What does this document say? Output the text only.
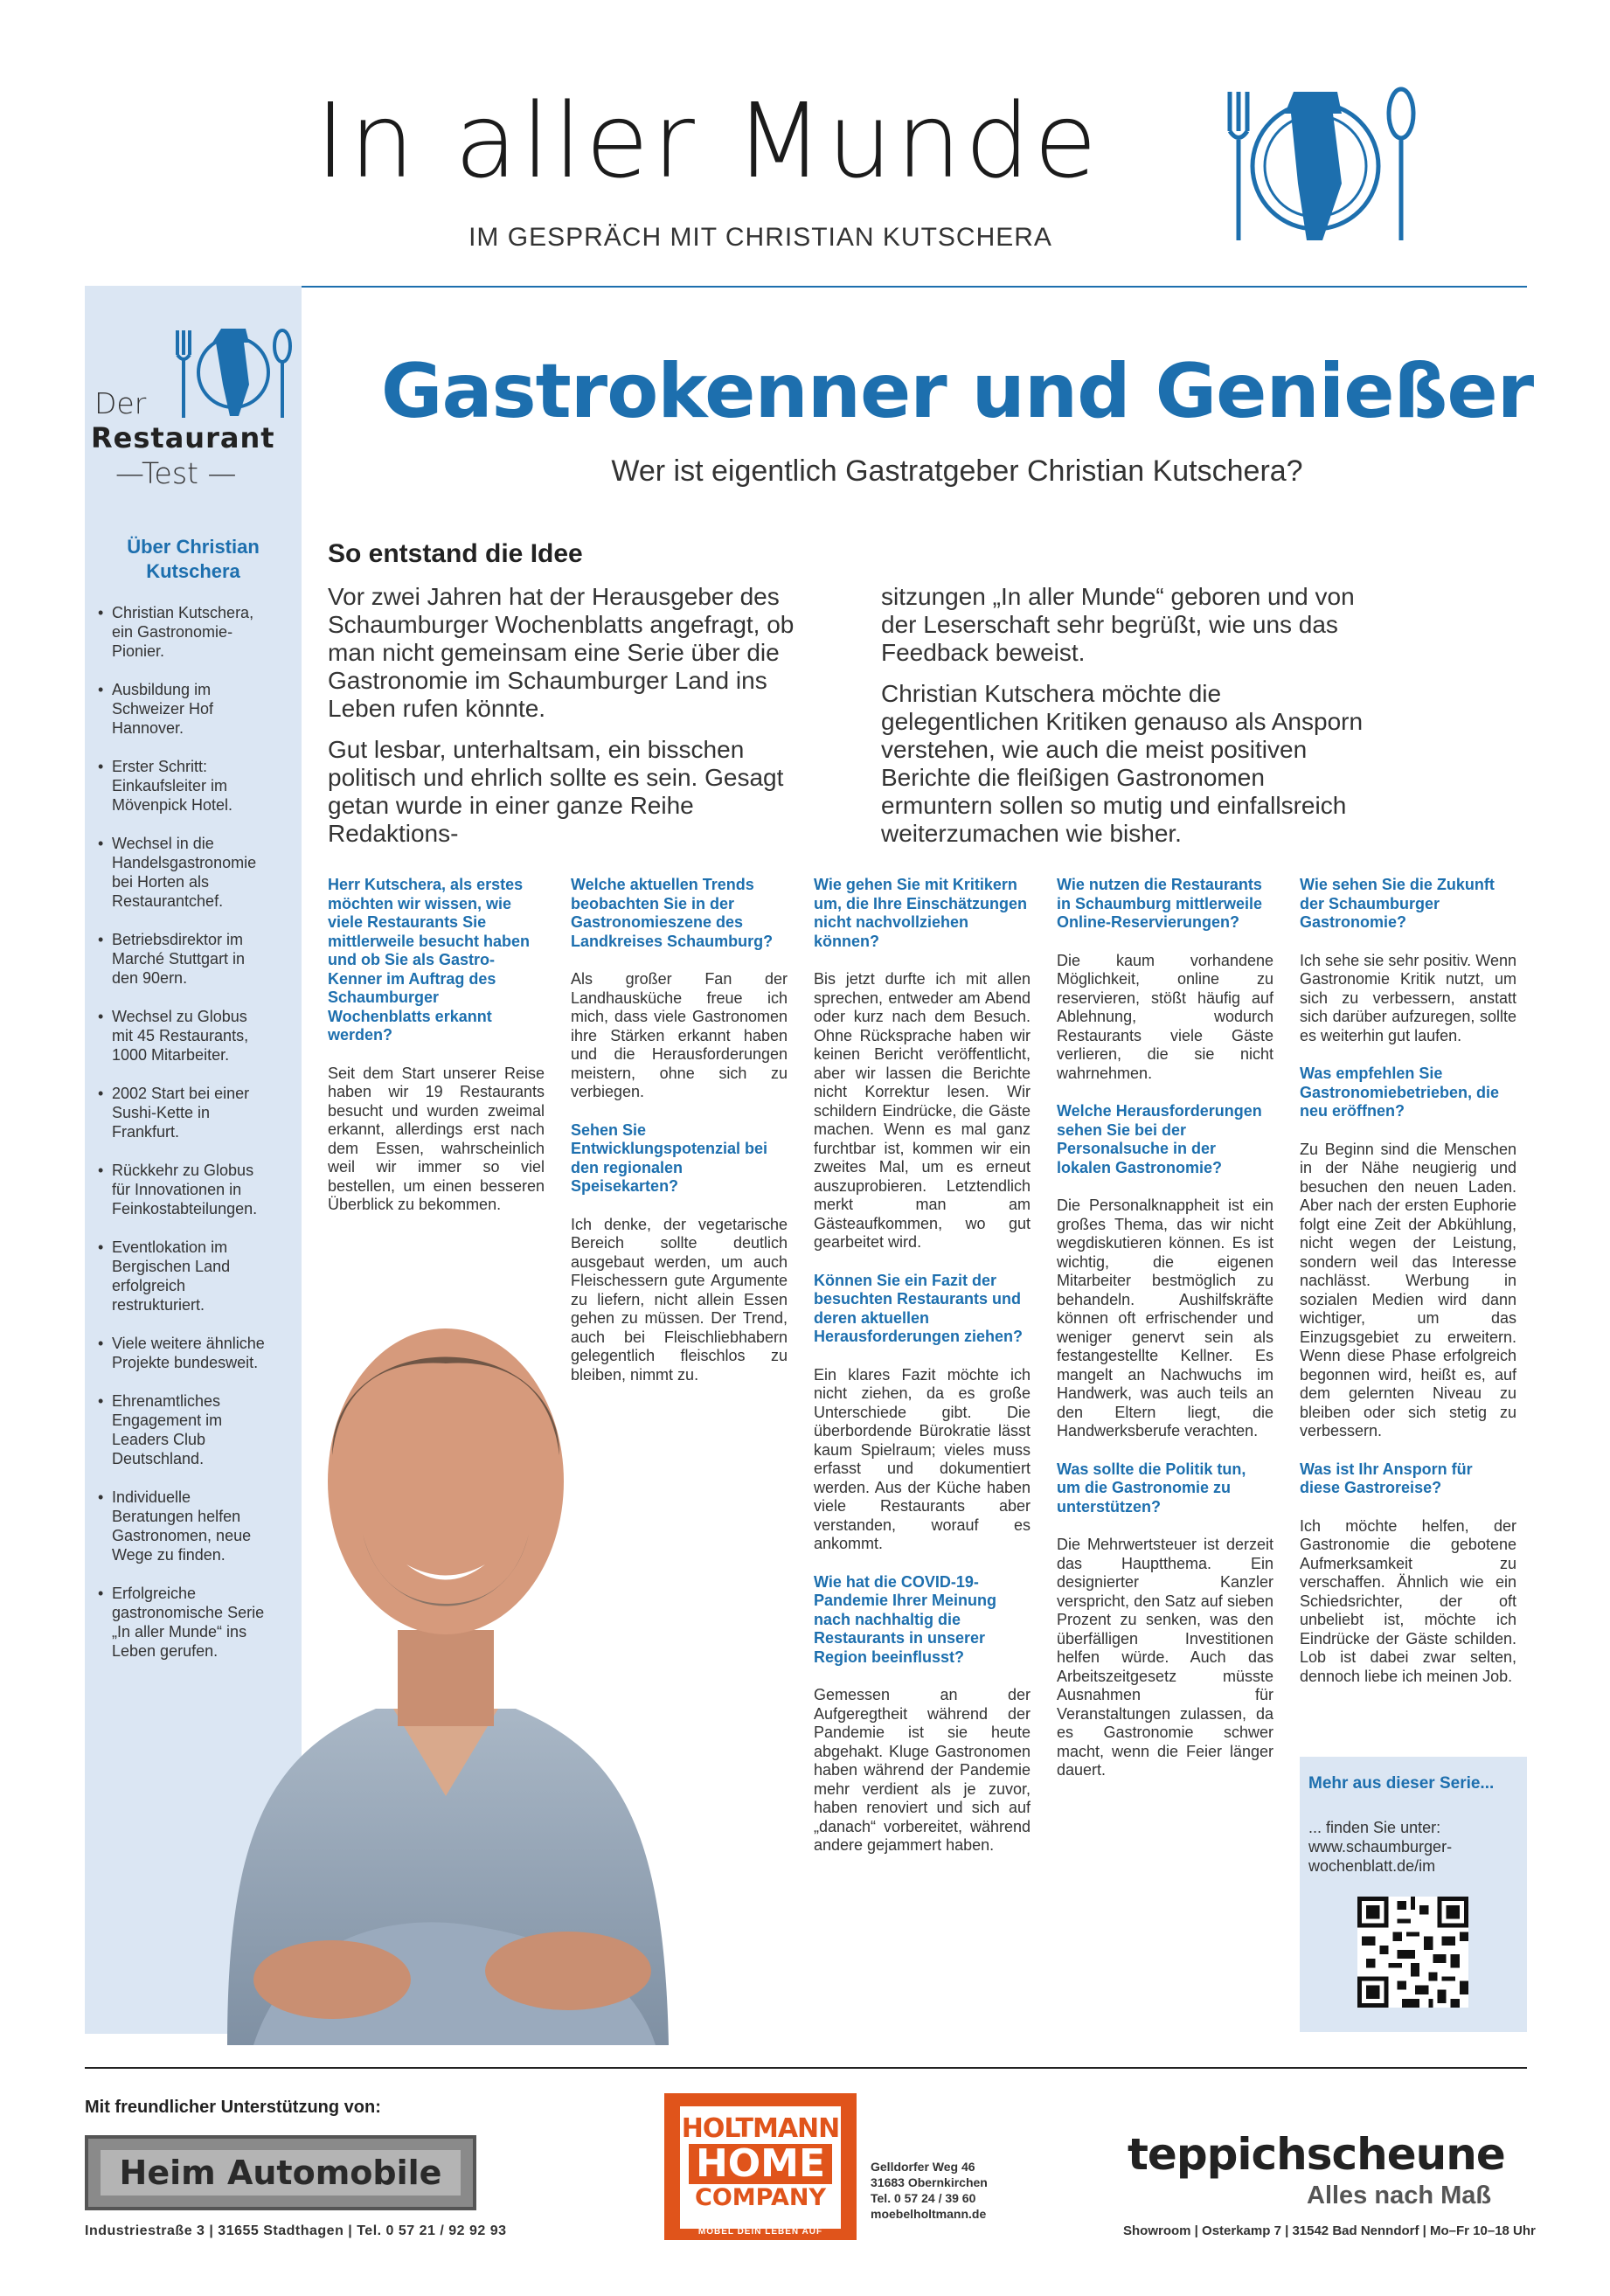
In aller Munde
IM GESPRÄCH MIT CHRISTIAN KUTSCHERA
Der
Restaurant
—Test —
Über Christian Kutschera
• Christian Kutschera, ein Gastronomie-Pionier.
• Ausbildung im Schweizer Hof Hannover.
• Erster Schritt: Einkaufsleiter im Mövenpick Hotel.
• Wechsel in die Handelsgastronomie bei Horten als Restaurantchef.
• Betriebsdirektor im Marché Stuttgart in den 90ern.
• Wechsel zu Globus mit 45 Restaurants, 1000 Mitarbeiter.
• 2002 Start bei einer Sushi-Kette in Frankfurt.
• Rückkehr zu Globus für Innovationen in Feinkostabteilungen.
• Eventlokation im Bergischen Land erfolgreich restrukturiert.
• Viele weitere ähnliche Projekte bundesweit.
• Ehrenamtliches Engagement im Leaders Club Deutschland.
• Individuelle Beratungen helfen Gastronomen, neue Wege zu finden.
• Erfolgreiche gastronomische Serie „In aller Munde“ ins Leben gerufen.
Gastrokenner und Genießer
Wer ist eigentlich Gastratgeber Christian Kutschera?
So entstand die Idee

Vor zwei Jahren hat der Herausgeber des Schaumburger Wochenblatts angefragt, ob man nicht gemeinsam eine Serie über die Gastronomie im Schaumburger Land ins Leben rufen könnte.

Gut lesbar, unterhaltsam, ein bisschen politisch und ehrlich sollte es sein. Gesagt getan wurde in einer ganze Reihe Redaktions-

sitzungen „In aller Munde“ geboren und von der Leserschaft sehr begrüßt, wie uns das Feedback beweist.

Christian Kutschera möchte die gelegentlichen Kritiken genauso als Ansporn verstehen, wie auch die meist positiven Berichte die fleißigen Gastronomen ermuntern sollen so mutig und einfallsreich weiterzumachen wie bisher.

Herr Kutschera, als erstes möchten wir wissen, wie viele Restaurants Sie mittlerweile besucht haben und ob Sie als Gastro-Kenner im Auftrag des Schaumburger Wochenblatts erkannt werden?

Seit dem Start unserer Reise haben wir 19 Restaurants besucht und wurden zweimal erkannt, allerdings erst nach dem Essen, wahrscheinlich weil wir immer so viel bestellen, um einen besseren Überblick zu bekommen.

Welche aktuellen Trends beobachten Sie in der Gastronomieszene des Landkreises Schaumburg?

Als großer Fan der Landhausküche freue ich mich, dass viele Gastronomen ihre Stärken erkannt haben und die Herausforderungen meistern, ohne sich zu verbiegen.

Sehen Sie Entwicklungspotenzial bei den regionalen Speisekarten?

Ich denke, der vegetarische Bereich sollte deutlich ausgebaut werden, um auch Fleischessern gute Argumente zu liefern, nicht allein Essen gehen zu müssen. Der Trend, auch bei Fleischliebhabern gelegentlich fleischlos zu bleiben, nimmt zu.

Wie gehen Sie mit Kritikern um, die Ihre Einschätzungen nicht nachvollziehen können?

Bis jetzt durfte ich mit allen sprechen, entweder am Abend oder kurz nach dem Besuch. Ohne Rücksprache haben wir keinen Bericht veröffentlicht, aber wir lassen die Berichte nicht Korrektur lesen. Wir schildern Eindrücke, die Gäste machen. Wenn es mal ganz furchtbar ist, kommen wir ein zweites Mal, um es erneut auszuprobieren. Letztendlich merkt man am Gästeaufkommen, wo gut gearbeitet wird.

Können Sie ein Fazit der besuchten Restaurants und deren aktuellen Herausforderungen ziehen?

Ein klares Fazit möchte ich nicht ziehen, da es große Unterschiede gibt. Die überbordende Bürokratie lässt kaum Spielraum; vieles muss erfasst und dokumentiert werden. Aus der Küche haben viele Restaurants aber verstanden, worauf es ankommt.

Wie hat die COVID-19-Pandemie Ihrer Meinung nach nachhaltig die Restaurants in unserer Region beeinflusst?

Gemessen an der Aufgeregtheit während der Pandemie ist sie heute abgehakt. Kluge Gastronomen haben während der Pandemie mehr verdient als je zuvor, haben renoviert und sich auf „danach“ vorbereitet, während andere gejammert haben.

Wie nutzen die Restaurants in Schaumburg mittlerweile Online-Reservierungen?

Die kaum vorhandene Möglichkeit, online zu reservieren, stößt häufig auf Ablehnung, wodurch Restaurants viele Gäste verlieren, die sie nicht wahrnehmen.

Welche Herausforderungen sehen Sie bei der Personalsuche in der lokalen Gastronomie?

Die Personalknappheit ist ein großes Thema, das wir nicht wegdiskutieren können. Es ist wichtig, die eigenen Mitarbeiter bestmöglich zu behandeln. Aushilfskräfte können oft erfrischender und weniger genervt sein als festangestellte Kellner. Es mangelt an Nachwuchs im Handwerk, was auch teils an den Eltern liegt, die Handwerksberufe verachten.

Was sollte die Politik tun, um die Gastronomie zu unterstützen?

Die Mehrwertsteuer ist derzeit das Hauptthema. Ein designierter Kanzler verspricht, den Satz auf sieben Prozent zu senken, was den überfälligen Investitionen helfen würde. Auch das Arbeitszeitgesetz müsste Ausnahmen für Veranstaltungen zulassen, da es Gastronomie schwer macht, wenn die Feier länger dauert.

Wie sehen Sie die Zukunft der Schaumburger Gastronomie?

Ich sehe sie sehr positiv. Wenn Gastronomie Kritik nutzt, um sich zu verbessern, anstatt sich darüber aufzuregen, sollte es weiterhin gut laufen.

Was empfehlen Sie Gastronomiebetrieben, die neu eröffnen?

Zu Beginn sind die Menschen in der Nähe neugierig und besuchen den neuen Laden. Aber nach der ersten Euphorie folgt eine Zeit der Abkühlung, nicht wegen der Leistung, sondern weil das Interesse nachlässt. Werbung in sozialen Medien wird dann wichtiger, um das Einzugsgebiet zu erweitern. Wenn diese Phase erfolgreich begonnen wird, heißt es, auf dem gelernten Niveau zu bleiben oder sich stetig zu verbessern.

Was ist Ihr Ansporn für diese Gastroreise?

Ich möchte helfen, der Gastronomie die gebotene Aufmerksamkeit zu verschaffen. Ähnlich wie ein Schiedsrichter, der oft unbeliebt ist, möchte ich Eindrücke der Gäste schilden. Lob ist dabei zwar selten, dennoch liebe ich meinen Job.

Mehr aus dieser Serie...
... finden Sie unter:
www.schaumburger-wochenblatt.de/im
Mit freundlicher Unterstützung von:
Heim Automobile
Industriestraße 3 | 31655 Stadthagen | Tel. 0 57 21 / 92 92 93
HOLTMANN
HOME
COMPANY
MÖBEL DEIN LEBEN AUF
Gelldorfer Weg 46
31683 Obernkirchen
Tel. 0 57 24 / 39 60
moebelholtmann.de
teppichscheune
Alles nach Maß
Showroom | Osterkamp 7 | 31542 Bad Nenndorf | Mo–Fr 10–18 Uhr
